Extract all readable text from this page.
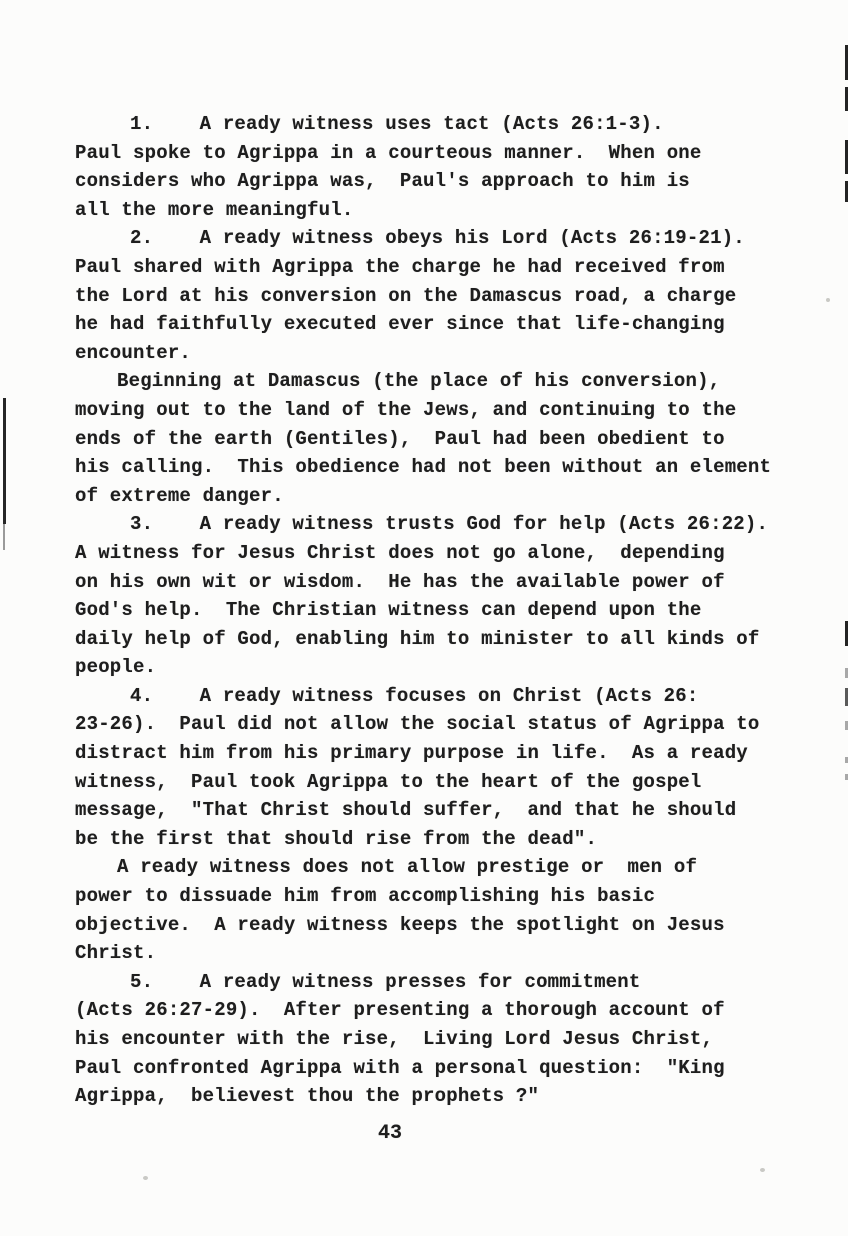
1.    A ready witness uses tact (Acts 26:1-3).
Paul spoke to Agrippa in a courteous manner.  When one
considers who Agrippa was,  Paul's approach to him is
all the more meaningful.
2.    A ready witness obeys his Lord (Acts 26:19-21).
Paul shared with Agrippa the charge he had received from
the Lord at his conversion on the Damascus road, a charge
he had faithfully executed ever since that life-changing
encounter.
Beginning at Damascus (the place of his conversion),
moving out to the land of the Jews, and continuing to the
ends of the earth (Gentiles),  Paul had been obedient to
his calling.  This obedience had not been without an element
of extreme danger.
3.    A ready witness trusts God for help (Acts 26:22).
A witness for Jesus Christ does not go alone,  depending
on his own wit or wisdom.  He has the available power of
God's help.  The Christian witness can depend upon the
daily help of God, enabling him to minister to all kinds of
people.
4.    A ready witness focuses on Christ (Acts 26:
23-26).  Paul did not allow the social status of Agrippa to
distract him from his primary purpose in life.  As a ready
witness,  Paul took Agrippa to the heart of the gospel
message,  "That Christ should suffer,  and that he should
be the first that should rise from the dead".
A ready witness does not allow prestige or  men of
power to dissuade him from accomplishing his basic
objective.  A ready witness keeps the spotlight on Jesus
Christ.
5.    A ready witness presses for commitment
(Acts 26:27-29).  After presenting a thorough account of
his encounter with the rise,  Living Lord Jesus Christ,
Paul confronted Agrippa with a personal question:  "King
Agrippa,  believest thou the prophets ?"
43
